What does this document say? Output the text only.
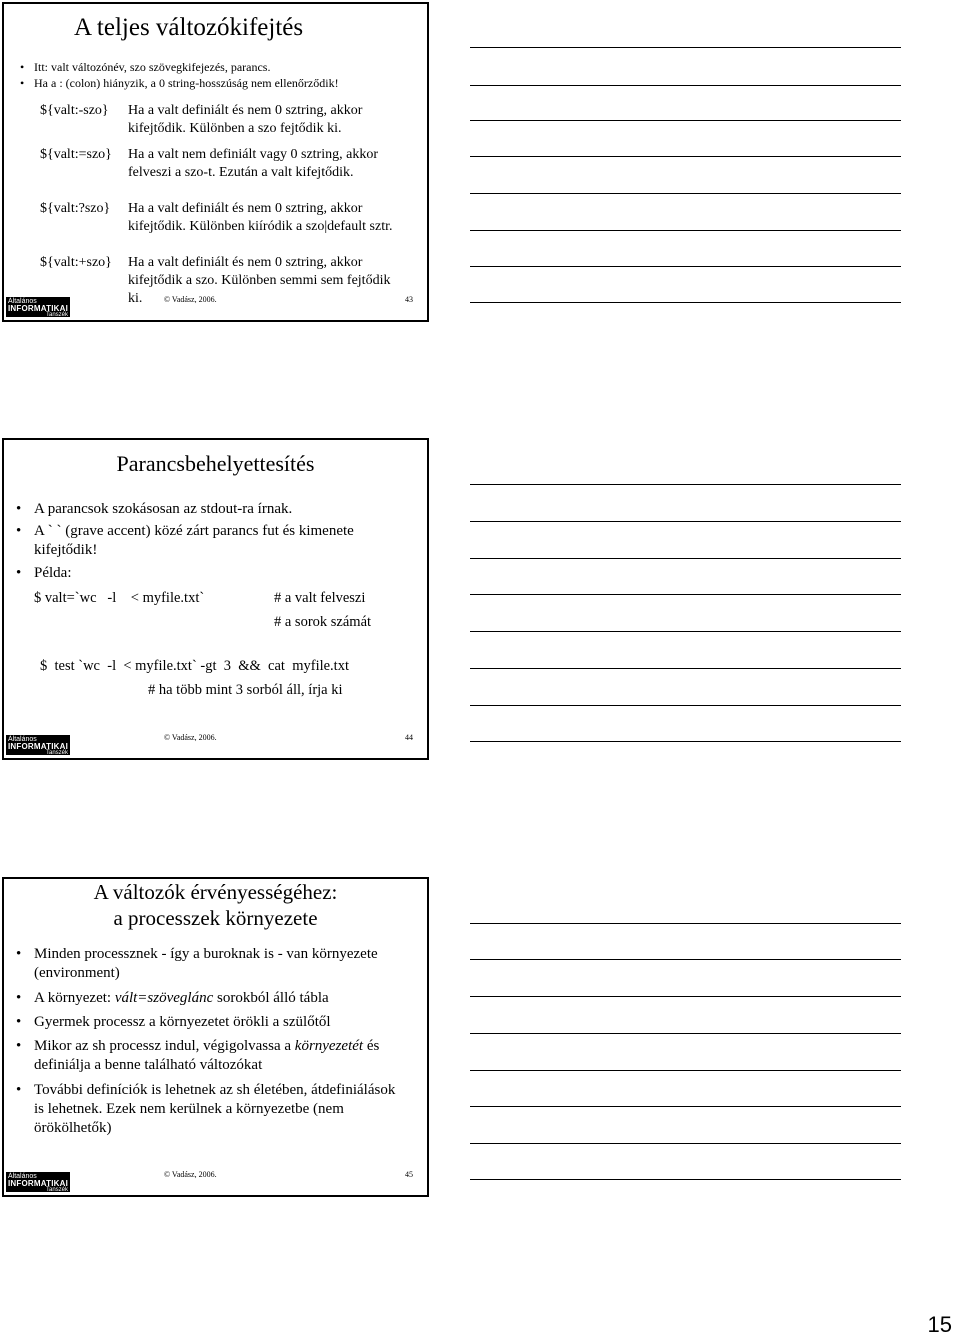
A teljes változókifejtés
• Itt: valt változónév, szo szövegkifejezés, parancs.
• Ha a : (colon) hiányzik, a 0 string-hosszúság nem ellenőrződik!
${valt:-szo}	Ha a valt definiált és nem 0 sztring, akkor kifejtődik. Különben a szo fejtődik ki.
${valt:=szo}	Ha a valt nem definiált vagy 0 sztring, akkor felveszi a szo-t. Ezután a valt kifejtődik.
${valt:?szo}	Ha a valt definiált és nem 0 sztring, akkor kifejtődik. Különben kiíródik a szo|default sztr.
${valt:+szo}	Ha a valt definiált és nem 0 sztring, akkor kifejtődik a szo. Különben semmi sem fejtődik ki.
Általános
INFORMATIKAI
Tanszék
© Vadász, 2006.	43
Parancsbehelyettesítés
• A parancsok szokásosan az stdout-ra írnak.
• A ` ` (grave accent) közé zárt parancs fut és kimenete kifejtődik!
• Példa:
$ valt=`wc   -l    < myfile.txt`	# a valt felveszi
# a sorok számát
$  test `wc  -l  < myfile.txt` -gt  3  &&  cat  myfile.txt
# ha több mint 3 sorból áll, írja ki
Általános
INFORMATIKAI
Tanszék
© Vadász, 2006.	44
A változók érvényességéhez:
a processzek környezete
• Minden processznek - így a buroknak is - van környezete (environment)
• A környezet: vált=szöveglánc sorokból álló tábla
• Gyermek processz a környezetet örökli a szülőtől
• Mikor az sh processz indul, végigolvassa a környezetét és definiálja a benne található változókat
• További definíciók is lehetnek az sh életében, átdefiniálások is lehetnek. Ezek nem kerülnek a környezetbe (nem örökölhetők)
Általános
INFORMATIKAI
Tanszék
© Vadász, 2006.	45
15
